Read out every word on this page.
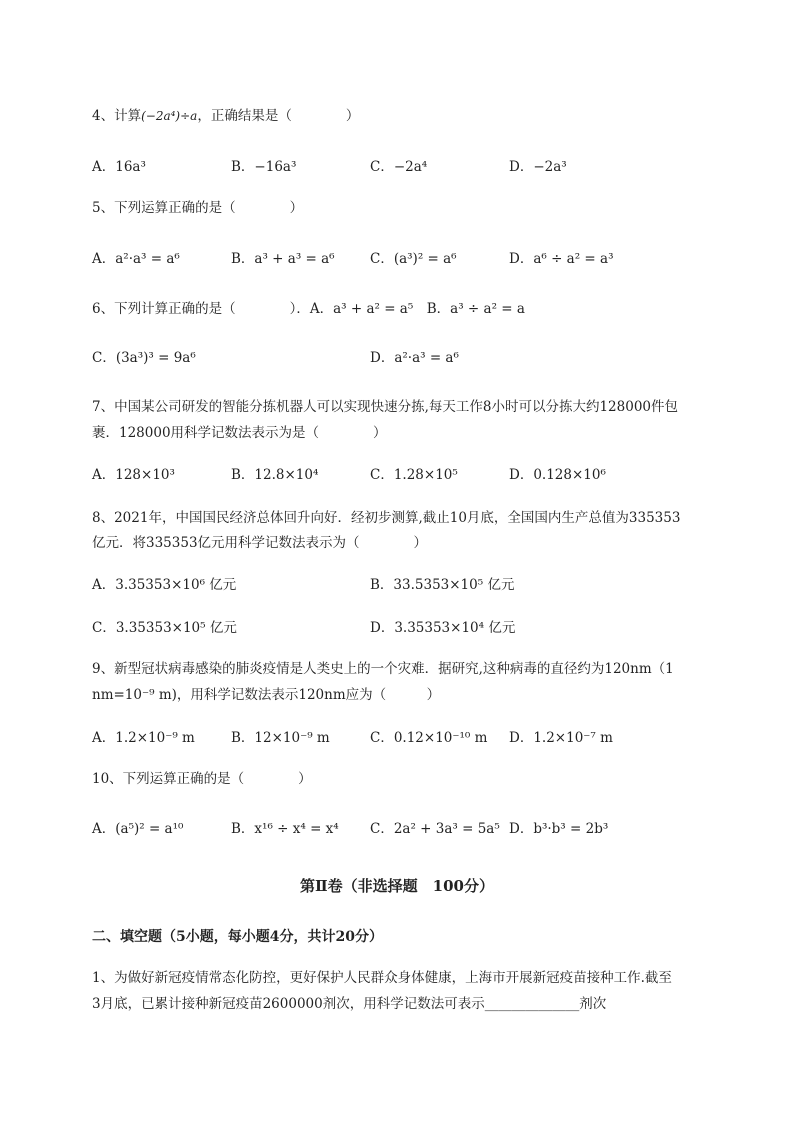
4、计算(−2a⁴)÷a，正确结果是（　　　　）
A．16a³	B．−16a³	C．−2a⁴	D．−2a³
5、下列运算正确的是（　　　　）
A．a²·a³ = a⁶	B．a³ + a³ = a⁶	C．(a³)² = a⁶	D．a⁶ ÷ a² = a³
6、下列计算正确的是（　　　　）．A．a³ + a² = a⁵　B．a³ ÷ a² = a
C．(3a³)³ = 9a⁶	D．a²·a³ = a⁶
7、中国某公司研发的智能分拣机器人可以实现快速分拣,每天工作8小时可以分拣大约128000件包
裹．128000用科学记数法表示为是（　　　　）
A．128×10³	B．12.8×10⁴	C．1.28×10⁵	D．0.128×10⁶
8、2021年，中国国民经济总体回升向好．经初步测算,截止10月底，全国国内生产总值为335353
亿元．将335353亿元用科学记数法表示为（　　　　）
A．3.35353×10⁶ 亿元	B．33.5353×10⁵ 亿元
C．3.35353×10⁵ 亿元	D．3.35353×10⁴ 亿元
9、新型冠状病毒感染的肺炎疫情是人类史上的一个灾难．据研究,这种病毒的直径约为120nm（1
nm=10⁻⁹ m)，用科学记数法表示120nm应为（　　　）
A．1.2×10⁻⁹ m	B．12×10⁻⁹ m	C．0.12×10⁻¹⁰ m D．1.2×10⁻⁷ m
10、下列运算正确的是（　　　　）
A．(a⁵)² = a¹⁰	B．x¹⁶ ÷ x⁴ = x⁴ C．2a² + 3a³ = 5a⁵ D．b³·b³ = 2b³
第Ⅱ卷（非选择题　100分）
二、填空题（5小题，每小题4分，共计20分）
1、为做好新冠疫情常态化防控，更好保护人民群众身体健康，上海市开展新冠疫苗接种工作.截至
3月底，已累计接种新冠疫苗2600000剂次，用科学记数法可表示______________剂次
